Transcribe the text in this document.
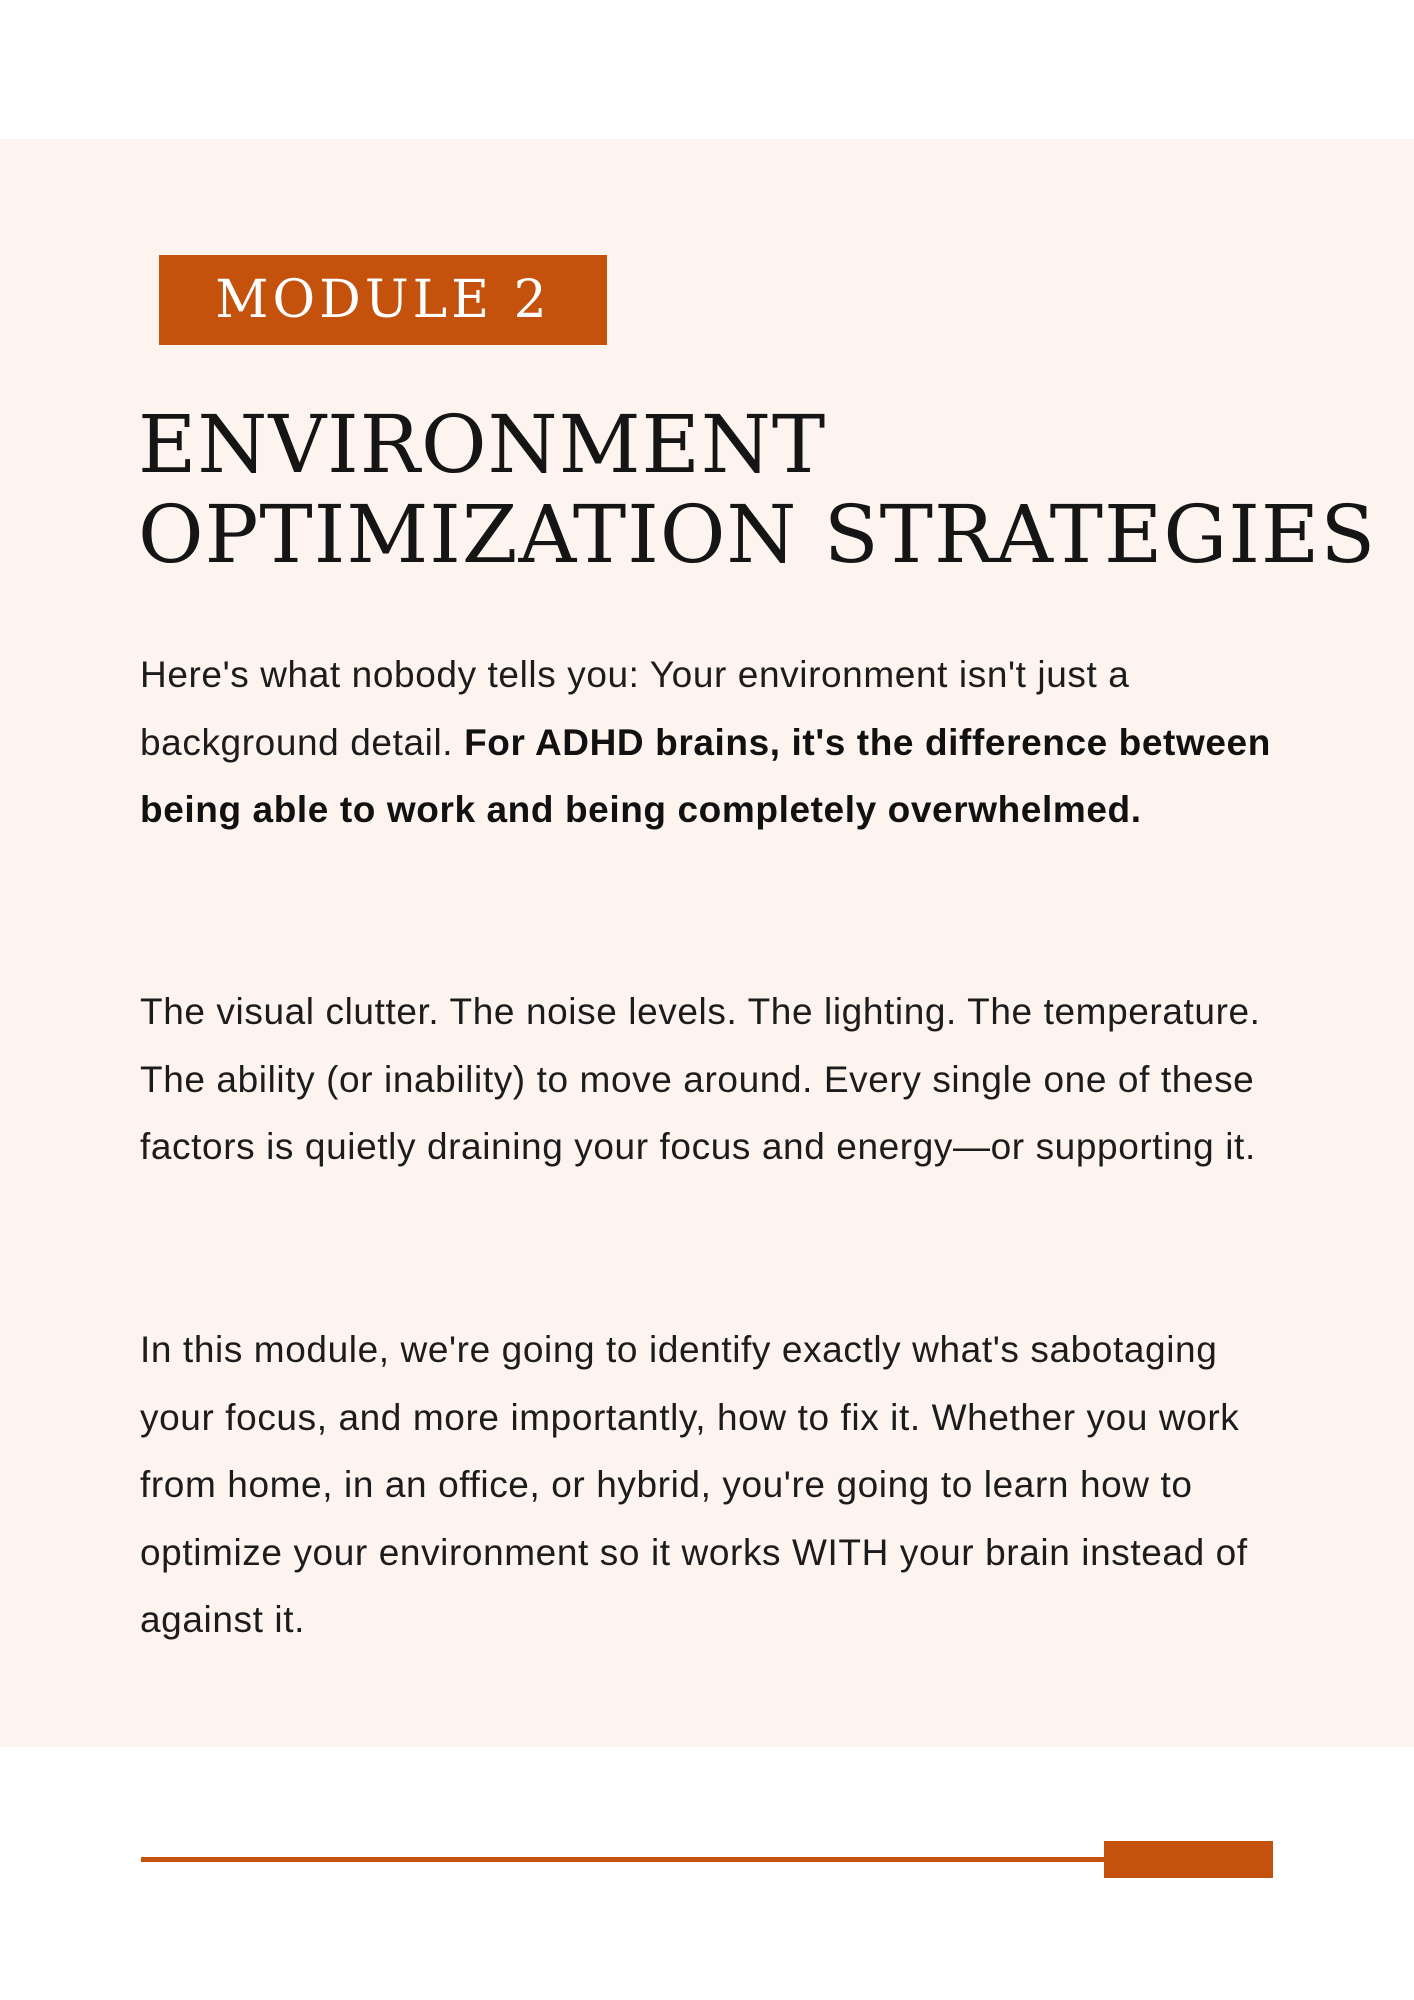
MODULE 2
ENVIRONMENT
OPTIMIZATION STRATEGIES

Here's what nobody tells you: Your environment isn't just a background detail. For ADHD brains, it's the difference between being able to work and being completely overwhelmed.

The visual clutter. The noise levels. The lighting. The temperature. The ability (or inability) to move around. Every single one of these factors is quietly draining your focus and energy—or supporting it.

In this module, we're going to identify exactly what's sabotaging your focus, and more importantly, how to fix it. Whether you work from home, in an office, or hybrid, you're going to learn how to optimize your environment so it works WITH your brain instead of against it.
